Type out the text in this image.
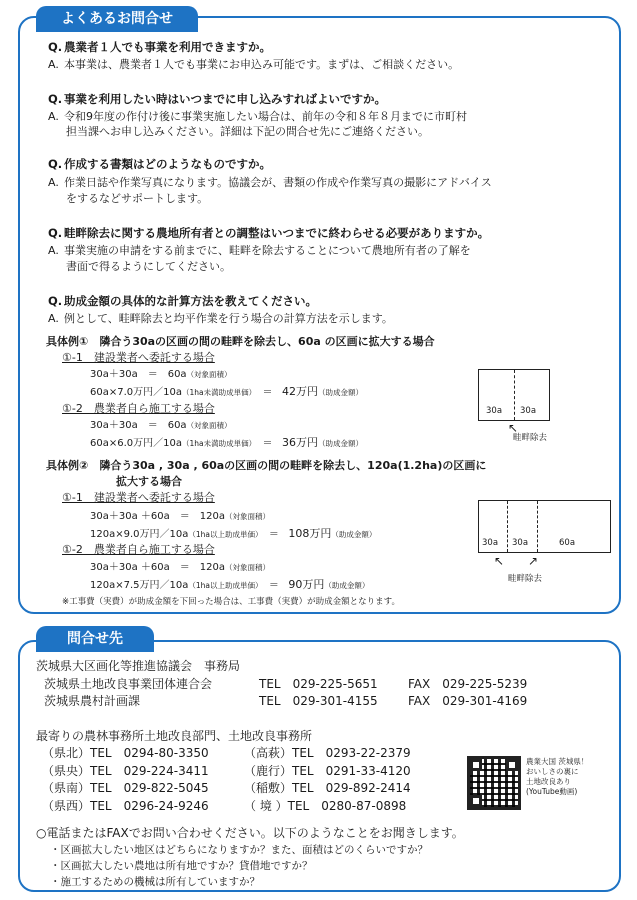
よくあるお問合せ
Q. 農業者１人でも事業を利用できますか。
A. 本事業は、農業者１人でも事業にお申込み可能です。まずは、ご相談ください。
Q. 事業を利用したい時はいつまでに申し込みすればよいですか。
A. 令和9年度の作付け後に事業実施したい場合は、前年の令和８年８月までに市町村
担当課へお申し込みください。詳細は下記の問合せ先にご連絡ください。
Q. 作成する書類はどのようなものですか。
A. 作業日誌や作業写真になります。協議会が、書類の作成や作業写真の撮影にアドバイス
をするなどサポートします。
Q. 畦畔除去に関する農地所有者との調整はいつまでに終わらせる必要がありますか。
A. 事業実施の申請をする前までに、畦畔を除去することについて農地所有者の了解を
書面で得るようにしてください。
Q. 助成金額の具体的な計算方法を教えてください。
A. 例として、畦畔除去と均平作業を行う場合の計算方法を示します。
具体例①　隣合う30aの区画の間の畦畔を除去し、60a の区画に拡大する場合
①-1　建設業者へ委託する場合
30a＋30a　＝　60a（対象面積）
60a×7.0万円／10a（1ha未満助成単価） ＝ 42万円（助成金額）
①-2　農業者自ら施工する場合
30a＋30a　＝　60a（対象面積）
60a×6.0万円／10a（1ha未満助成単価） ＝ 36万円（助成金額）
30a 30a
↖
畦畔除去
具体例②　隣合う30a , 30a , 60aの区画の間の畦畔を除去し、120a(1.2ha)の区画に
拡大する場合
①-1　建設業者へ委託する場合
30a＋30a ＋60a　＝　120a（対象面積）
120a×9.0万円／10a（1ha以上助成単価） ＝ 108万円（助成金額）
①-2　農業者自ら施工する場合
30a＋30a ＋60a　＝　120a（対象面積）
120a×7.5万円／10a（1ha以上助成単価） ＝ 90万円（助成金額）
30a 30a	60a
↖ ↗
畦畔除去
※工事費（実費）が助成金額を下回った場合は、工事費（実費）が助成金額となります。
問合せ先
茨城県大区画化等推進協議会　事務局
茨城県土地改良事業団体連合会	TEL　029-225-5651	FAX　029-225-5239
茨城県農村計画課	TEL　029-301-4155	FAX　029-301-4169
最寄りの農林事務所土地改良部門、土地改良事務所
（県北）TEL　0294-80-3350	（高萩）TEL　0293-22-2379
（県央）TEL　029-224-3411	（鹿行）TEL　0291-33-4120
（県南）TEL　029-822-5045	（稲敷）TEL　029-892-2414
（県西）TEL　0296-24-9246	（ 境 ）TEL　0280-87-0898
農業大国 茨城県！
おいしさの裏に
土地改良あり
(YouTube動画)
○電話またはFAXでお問い合わせください。以下のようなことをお聞きします。
・区画拡大したい地区はどちらになりますか？また、面積はどのくらいですか？
・区画拡大したい農地は所有地ですか？貸借地ですか？
・施工するための機械は所有していますか？
